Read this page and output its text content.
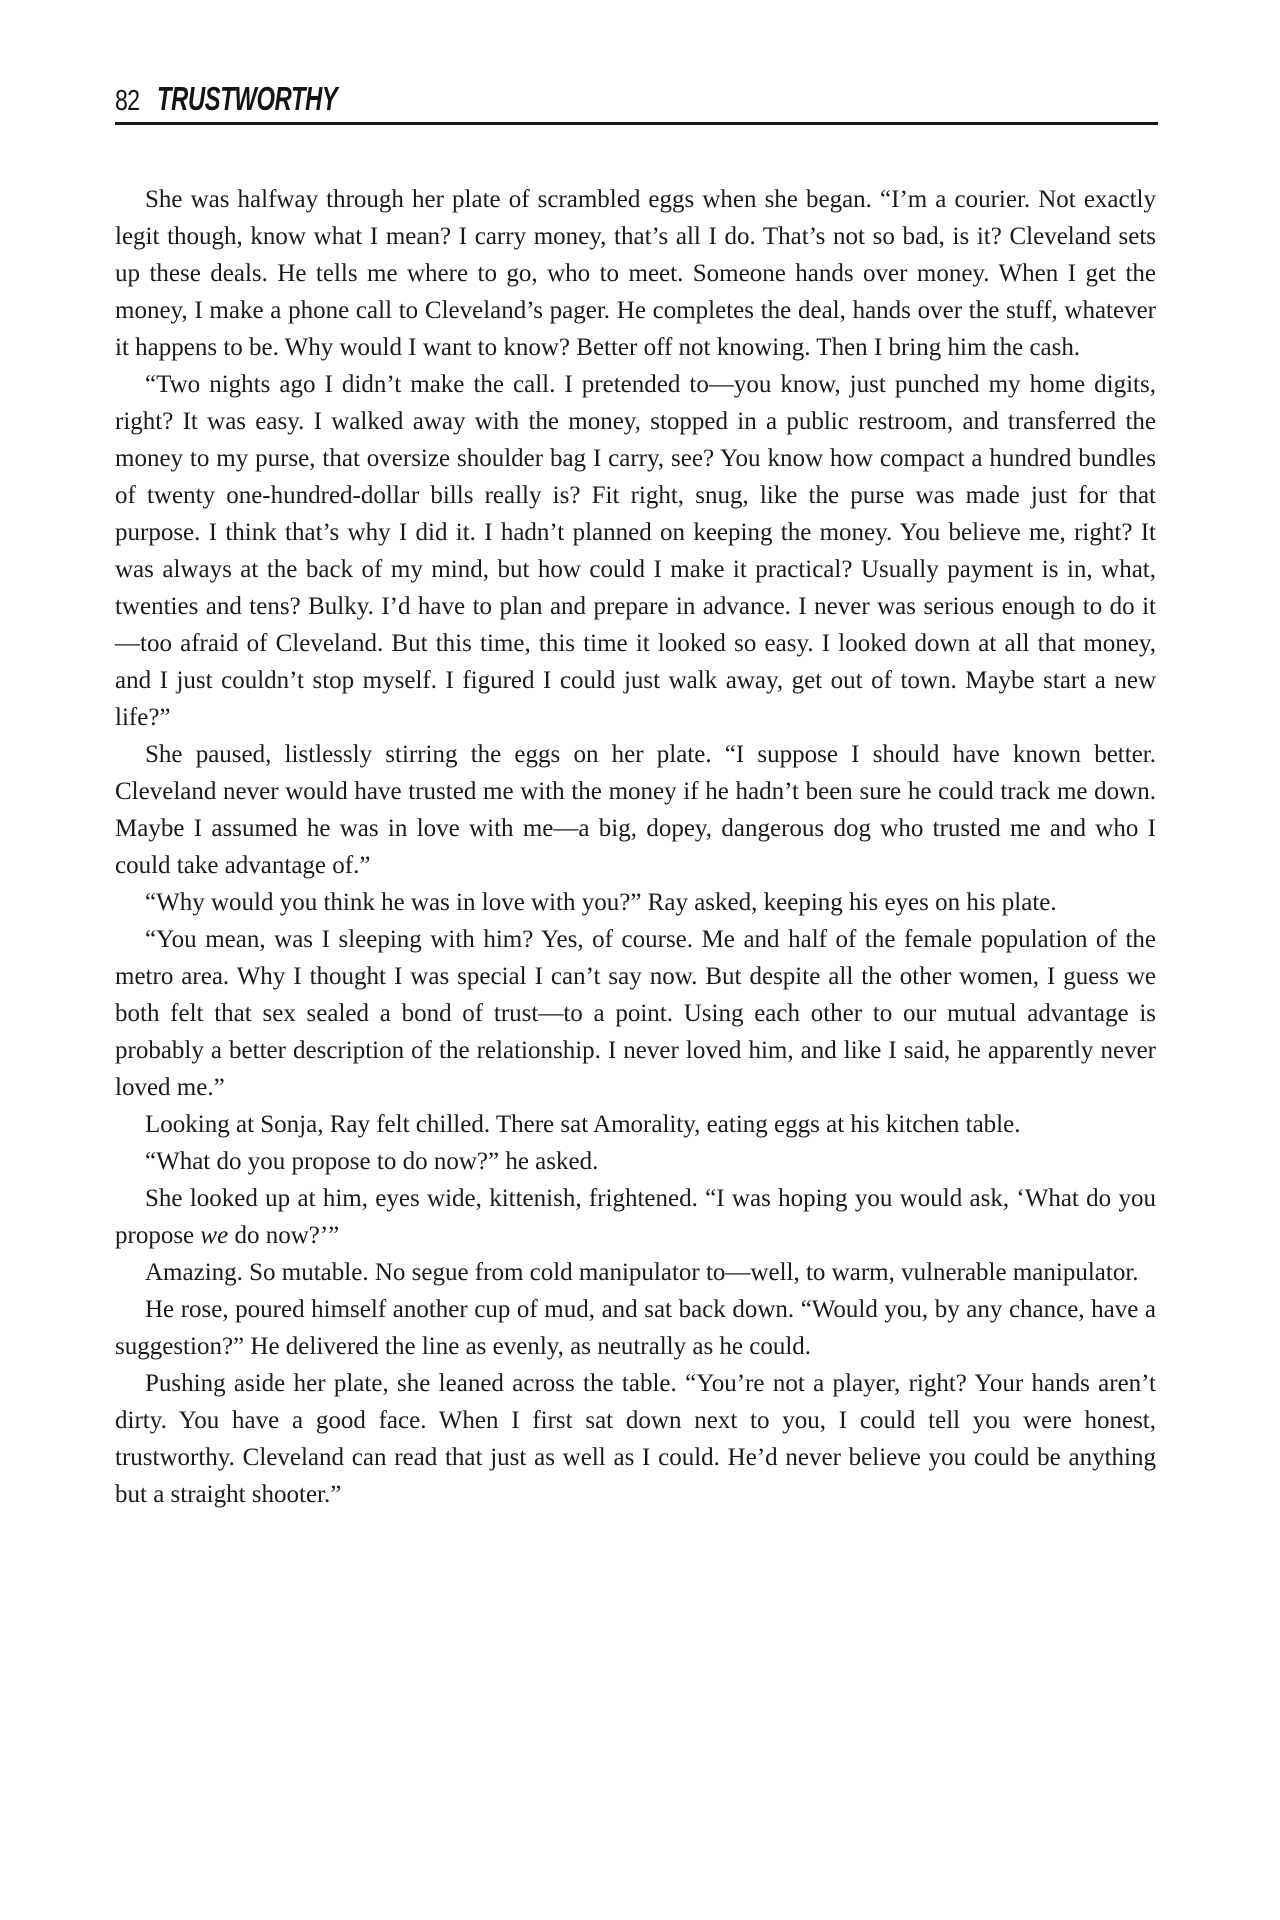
82 TRUSTWORTHY

She was halfway through her plate of scrambled eggs when she began. “I’m a courier. Not exactly legit though, know what I mean? I carry money, that’s all I do. That’s not so bad, is it? Cleveland sets up these deals. He tells me where to go, who to meet. Someone hands over money. When I get the money, I make a phone call to Cleveland’s pager. He completes the deal, hands over the stuff, whatever it happens to be. Why would I want to know? Better off not knowing. Then I bring him the cash.

“Two nights ago I didn’t make the call. I pretended to—you know, just punched my home digits, right? It was easy. I walked away with the money, stopped in a public restroom, and transferred the money to my purse, that oversize shoulder bag I carry, see? You know how compact a hundred bundles of twenty one-hundred-dollar bills really is? Fit right, snug, like the purse was made just for that purpose. I think that’s why I did it. I hadn’t planned on keeping the money. You believe me, right? It was always at the back of my mind, but how could I make it practical? Usually payment is in, what, twenties and tens? Bulky. I’d have to plan and prepare in advance. I never was serious enough to do it—too afraid of Cleveland. But this time, this time it looked so easy. I looked down at all that money, and I just couldn’t stop myself. I figured I could just walk away, get out of town. Maybe start a new life?”

She paused, listlessly stirring the eggs on her plate. “I suppose I should have known better. Cleveland never would have trusted me with the money if he hadn’t been sure he could track me down. Maybe I assumed he was in love with me—a big, dopey, dangerous dog who trusted me and who I could take advantage of.”

“Why would you think he was in love with you?” Ray asked, keeping his eyes on his plate.

“You mean, was I sleeping with him? Yes, of course. Me and half of the female population of the metro area. Why I thought I was special I can’t say now. But despite all the other women, I guess we both felt that sex sealed a bond of trust—to a point. Using each other to our mutual advantage is probably a better description of the relationship. I never loved him, and like I said, he apparently never loved me.”

Looking at Sonja, Ray felt chilled. There sat Amorality, eating eggs at his kitchen table.

“What do you propose to do now?” he asked.

She looked up at him, eyes wide, kittenish, frightened. “I was hoping you would ask, ‘What do you propose we do now?’”

Amazing. So mutable. No segue from cold manipulator to—well, to warm, vulnerable manipulator.

He rose, poured himself another cup of mud, and sat back down. “Would you, by any chance, have a suggestion?” He delivered the line as evenly, as neutrally as he could.

Pushing aside her plate, she leaned across the table. “You’re not a player, right? Your hands aren’t dirty. You have a good face. When I first sat down next to you, I could tell you were honest, trustworthy. Cleveland can read that just as well as I could. He’d never believe you could be anything but a straight shooter.”
